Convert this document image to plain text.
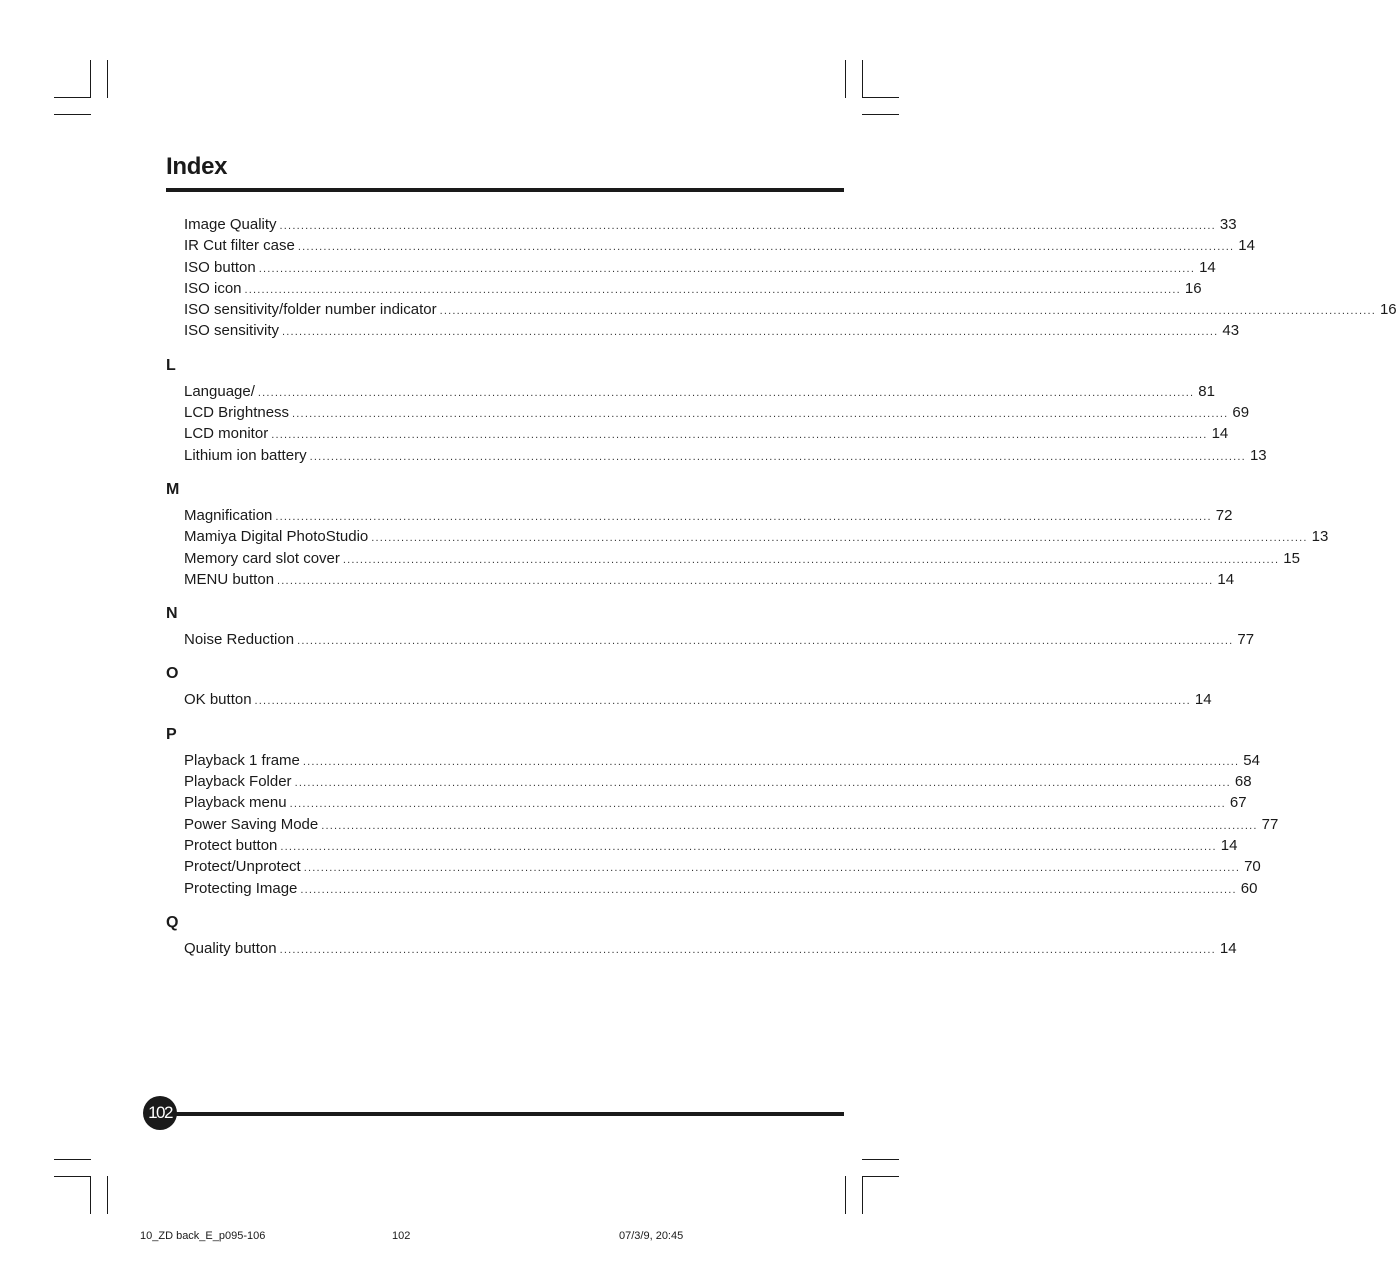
Index
Image Quality ............................................................................................................................................................................................................................ 33
IR Cut filter case ............................................................................................................................................................................................................................ 14
ISO button ............................................................................................................................................................................................................................ 14
ISO icon ............................................................................................................................................................................................................................ 16
ISO sensitivity/folder number indicator ............................................................................................................................................................................................................................ 16
ISO sensitivity ............................................................................................................................................................................................................................ 43
L
Language/ ............................................................................................................................................................................................................................ 81
LCD Brightness ............................................................................................................................................................................................................................ 69
LCD monitor ............................................................................................................................................................................................................................ 14
Lithium ion battery ............................................................................................................................................................................................................................ 13
M
Magnification ............................................................................................................................................................................................................................ 72
Mamiya Digital PhotoStudio ............................................................................................................................................................................................................................ 13
Memory card slot cover ............................................................................................................................................................................................................................ 15
MENU button ............................................................................................................................................................................................................................ 14
N
Noise Reduction ............................................................................................................................................................................................................................ 77
O
OK button ............................................................................................................................................................................................................................ 14
P
Playback 1 frame ............................................................................................................................................................................................................................ 54
Playback Folder ............................................................................................................................................................................................................................ 68
Playback menu ............................................................................................................................................................................................................................ 67
Power Saving Mode ............................................................................................................................................................................................................................ 77
Protect button ............................................................................................................................................................................................................................ 14
Protect/Unprotect ............................................................................................................................................................................................................................ 70
Protecting Image ............................................................................................................................................................................................................................ 60
Q
Quality button ............................................................................................................................................................................................................................ 14
102
10_ZD back_E_p095-106	102	07/3/9, 20:45
